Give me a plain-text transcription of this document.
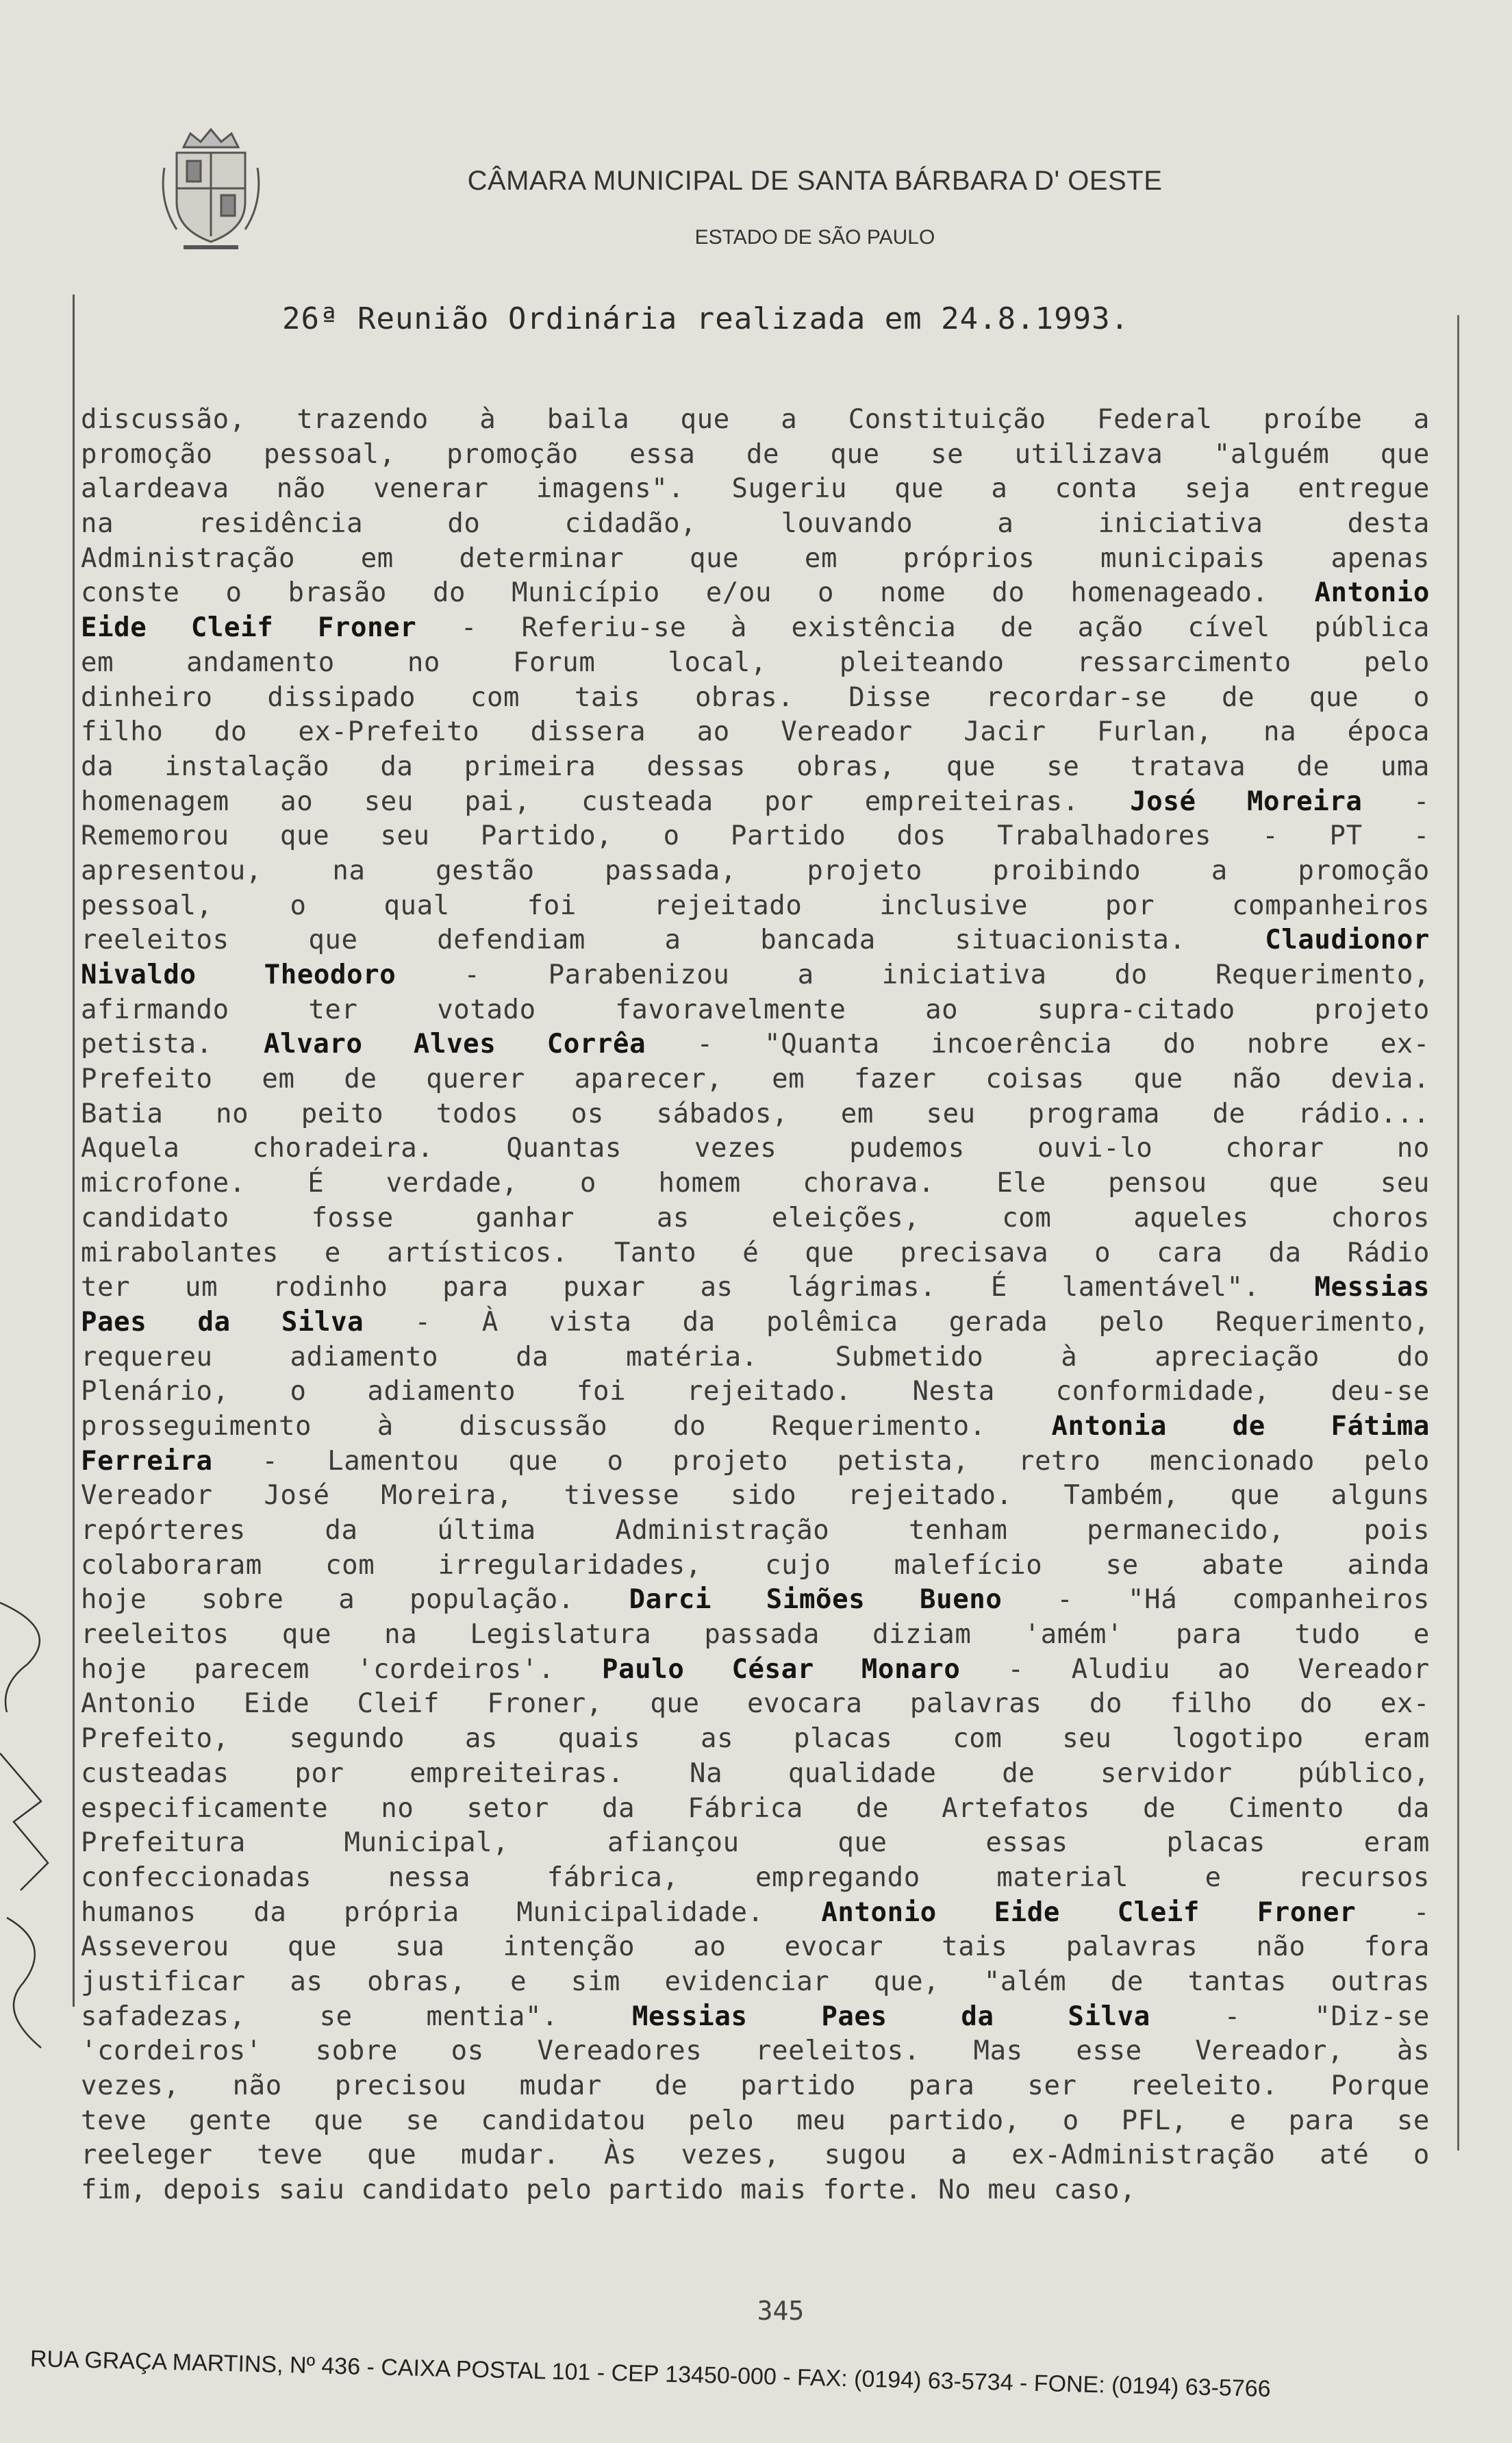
CÂMARA MUNICIPAL DE SANTA BÁRBARA D' OESTE
ESTADO DE SÃO PAULO
26ª Reunião Ordinária realizada em 24.8.1993.
discussão, trazendo à baila que a Constituição Federal proíbe a
promoção pessoal, promoção essa de que se utilizava "alguém que
alardeava não venerar imagens". Sugeriu que a conta seja entregue
na residência do cidadão, louvando a iniciativa desta
Administração em determinar que em próprios municipais apenas
conste o brasão do Município e/ou o nome do homenageado. Antonio
Eide Cleif Froner - Referiu-se à existência de ação cível pública
em andamento no Forum local, pleiteando ressarcimento pelo
dinheiro dissipado com tais obras. Disse recordar-se de que o
filho do ex-Prefeito dissera ao Vereador Jacir Furlan, na época
da instalação da primeira dessas obras, que se tratava de uma
homenagem ao seu pai, custeada por empreiteiras. José Moreira -
Rememorou que seu Partido, o Partido dos Trabalhadores - PT -
apresentou, na gestão passada, projeto proibindo a promoção
pessoal, o qual foi rejeitado inclusive por companheiros
reeleitos que defendiam a bancada situacionista. Claudionor
Nivaldo Theodoro - Parabenizou a iniciativa do Requerimento,
afirmando ter votado favoravelmente ao supra-citado projeto
petista. Alvaro Alves Corrêa - "Quanta incoerência do nobre ex-
Prefeito em de querer aparecer, em fazer coisas que não devia.
Batia no peito todos os sábados, em seu programa de rádio...
Aquela choradeira. Quantas vezes pudemos ouvi-lo chorar no
microfone. É verdade, o homem chorava. Ele pensou que seu
candidato fosse ganhar as eleições, com aqueles choros
mirabolantes e artísticos. Tanto é que precisava o cara da Rádio
ter um rodinho para puxar as lágrimas. É lamentável". Messias
Paes da Silva - À vista da polêmica gerada pelo Requerimento,
requereu adiamento da matéria. Submetido à apreciação do
Plenário, o adiamento foi rejeitado. Nesta conformidade, deu-se
prosseguimento à discussão do Requerimento. Antonia de Fátima
Ferreira - Lamentou que o projeto petista, retro mencionado pelo
Vereador José Moreira, tivesse sido rejeitado. Também, que alguns
repórteres da última Administração tenham permanecido, pois
colaboraram com irregularidades, cujo malefício se abate ainda
hoje sobre a população. Darci Simões Bueno - "Há companheiros
reeleitos que na Legislatura passada diziam 'amém' para tudo e
hoje parecem 'cordeiros'. Paulo César Monaro - Aludiu ao Vereador
Antonio Eide Cleif Froner, que evocara palavras do filho do ex-
Prefeito, segundo as quais as placas com seu logotipo eram
custeadas por empreiteiras. Na qualidade de servidor público,
especificamente no setor da Fábrica de Artefatos de Cimento da
Prefeitura Municipal, afiançou que essas placas eram
confeccionadas nessa fábrica, empregando material e recursos
humanos da própria Municipalidade. Antonio Eide Cleif Froner -
Asseverou que sua intenção ao evocar tais palavras não fora
justificar as obras, e sim evidenciar que, "além de tantas outras
safadezas, se mentia". Messias Paes da Silva - "Diz-se
'cordeiros' sobre os Vereadores reeleitos. Mas esse Vereador, às
vezes, não precisou mudar de partido para ser reeleito. Porque
teve gente que se candidatou pelo meu partido, o PFL, e para se
reeleger teve que mudar. Às vezes, sugou a ex-Administração até o
fim, depois saiu candidato pelo partido mais forte. No meu caso,
345
RUA GRAÇA MARTINS, Nº 436 - CAIXA POSTAL 101 - CEP 13450-000 - FAX: (0194) 63-5734 - FONE: (0194) 63-5766
